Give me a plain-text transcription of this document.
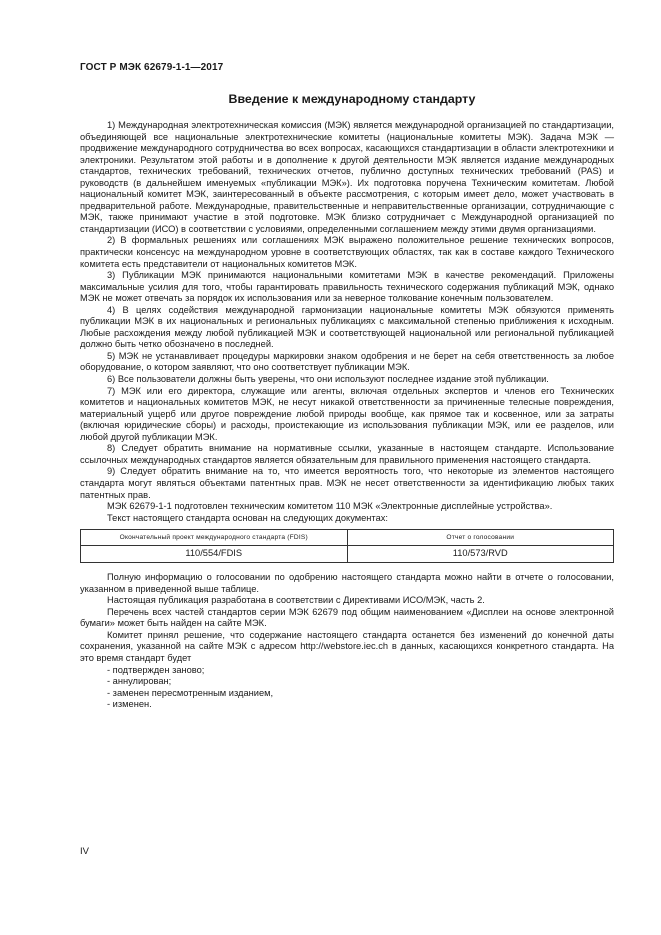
ГОСТ Р МЭК 62679-1-1—2017
Введение к международному стандарту

1) Международная электротехническая комиссия (МЭК) является международной организацией по стандартизации, объединяющей все национальные электротехнические комитеты (национальные комитеты МЭК). Задача МЭК — продвижение международного сотрудничества во всех вопросах, касающихся стандартизации в области электротехники и электроники. Результатом этой работы и в дополнение к другой деятельности МЭК является издание международных стандартов, технических требований, технических отчетов, публично доступных технических требований (PAS) и руководств (в дальнейшем именуемых «публикации МЭК»). Их подготовка поручена Техническим комитетам. Любой национальный комитет МЭК, заинтересованный в объекте рассмотрения, с которым имеет дело, может участвовать в предварительной работе. Международные, правительственные и неправительственные организации, сотрудничающие с МЭК, также принимают участие в этой подготовке. МЭК близко сотрудничает с Международной организацией по стандартизации (ИСО) в соответствии с условиями, определенными соглашением между этими двумя организациями.

2) В формальных решениях или соглашениях МЭК выражено положительное решение технических вопросов, практически консенсус на международном уровне в соответствующих областях, так как в составе каждого Технического комитета есть представители от национальных комитетов МЭК.

3) Публикации МЭК принимаются национальными комитетами МЭК в качестве рекомендаций. Приложены максимальные усилия для того, чтобы гарантировать правильность технического содержания публикаций МЭК, однако МЭК не может отвечать за порядок их использования или за неверное толкование конечным пользователем.

4) В целях содействия международной гармонизации национальные комитеты МЭК обязуются применять публикации МЭК в их национальных и региональных публикациях с максимальной степенью приближения к исходным. Любые расхождения между любой публикацией МЭК и соответствующей национальной или региональной публикацией должно быть четко обозначено в последней.

5) МЭК не устанавливает процедуры маркировки знаком одобрения и не берет на себя ответственность за любое оборудование, о котором заявляют, что оно соответствует публикации МЭК.

6) Все пользователи должны быть уверены, что они используют последнее издание этой публикации.

7) МЭК или его директора, служащие или агенты, включая отдельных экспертов и членов его Технических комитетов и национальных комитетов МЭК, не несут никакой ответственности за причиненные телесные повреждения, материальный ущерб или другое повреждение любой природы вообще, как прямое так и косвенное, или за затраты (включая юридические сборы) и расходы, проистекающие из использования публикации МЭК, или ее разделов, или любой другой публикации МЭК.

8) Следует обратить внимание на нормативные ссылки, указанные в настоящем стандарте. Использование ссылочных международных стандартов является обязательным для правильного применения настоящего стандарта.

9) Следует обратить внимание на то, что имеется вероятность того, что некоторые из элементов настоящего стандарта могут являться объектами патентных прав. МЭК не несет ответственности за идентификацию любых таких патентных прав.

МЭК 62679-1-1 подготовлен техническим комитетом 110 МЭК «Электронные дисплейные устройства».

Текст настоящего стандарта основан на следующих документах:

Окончательный проект международного стандарта (FDIS)	Отчет о голосовании
110/554/FDIS	110/573/RVD

Полную информацию о голосовании по одобрению настоящего стандарта можно найти в отчете о голосовании, указанном в приведенной выше таблице.

Настоящая публикация разработана в соответствии с Директивами ИСО/МЭК, часть 2.

Перечень всех частей стандартов серии МЭК 62679 под общим наименованием «Дисплеи на основе электронной бумаги» может быть найден на сайте МЭК.

Комитет принял решение, что содержание настоящего стандарта останется без изменений до конечной даты сохранения, указанной на сайте МЭК с адресом http://webstore.iec.ch в данных, касающихся конкретного стандарта. На это время стандарт будет

- подтвержден заново;
- аннулирован;
- заменен пересмотренным изданием,
- изменен.
IV
